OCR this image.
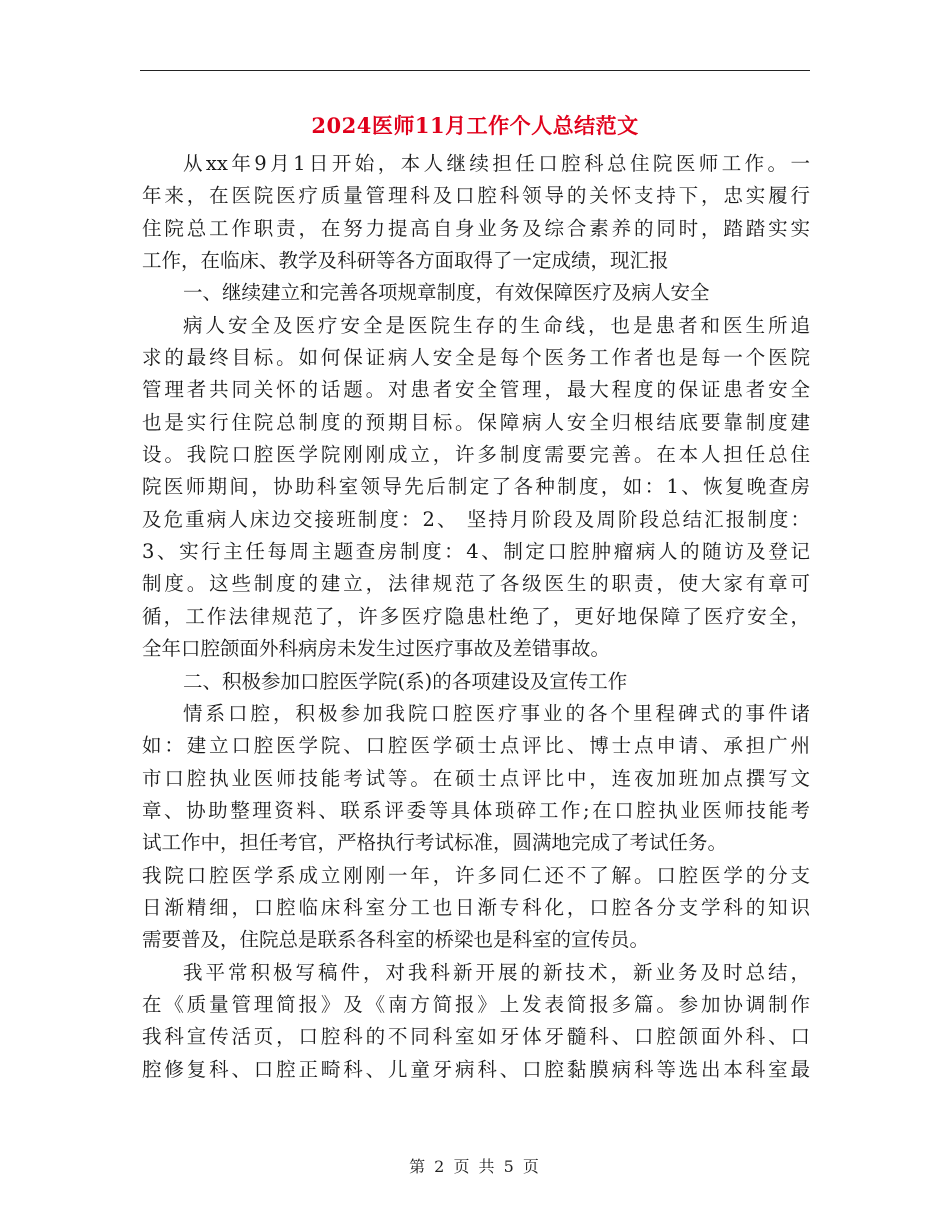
2024医师11月工作个人总结范文
从xx年9月1日开始，本人继续担任口腔科总住院医师工作。一
年来，在医院医疗质量管理科及口腔科领导的关怀支持下，忠实履行
住院总工作职责，在努力提高自身业务及综合素养的同时，踏踏实实
工作，在临床、教学及科研等各方面取得了一定成绩，现汇报
一、继续建立和完善各项规章制度，有效保障医疗及病人安全
病人安全及医疗安全是医院生存的生命线，也是患者和医生所追
求的最终目标。如何保证病人安全是每个医务工作者也是每一个医院
管理者共同关怀的话题。对患者安全管理，最大程度的保证患者安全
也是实行住院总制度的预期目标。保障病人安全归根结底要靠制度建
设。我院口腔医学院刚刚成立，许多制度需要完善。在本人担任总住
院医师期间，协助科室领导先后制定了各种制度，如：1、恢复晚查房
及危重病人床边交接班制度：2、 坚持月阶段及周阶段总结汇报制度：
3、实行主任每周主题查房制度：4、制定口腔肿瘤病人的随访及登记
制度。这些制度的建立，法律规范了各级医生的职责，使大家有章可
循，工作法律规范了，许多医疗隐患杜绝了，更好地保障了医疗安全，
全年口腔颌面外科病房未发生过医疗事故及差错事故。
二、积极参加口腔医学院(系)的各项建设及宣传工作
情系口腔，积极参加我院口腔医疗事业的各个里程碑式的事件诸
如：建立口腔医学院、口腔医学硕士点评比、博士点申请、承担广州
市口腔执业医师技能考试等。在硕士点评比中，连夜加班加点撰写文
章、协助整理资料、联系评委等具体琐碎工作;在口腔执业医师技能考
试工作中，担任考官，严格执行考试标准，圆满地完成了考试任务。
我院口腔医学系成立刚刚一年，许多同仁还不了解。口腔医学的分支
日渐精细，口腔临床科室分工也日渐专科化，口腔各分支学科的知识
需要普及，住院总是联系各科室的桥梁也是科室的宣传员。
我平常积极写稿件，对我科新开展的新技术，新业务及时总结，
在《质量管理简报》及《南方简报》上发表简报多篇。参加协调制作
我科宣传活页，口腔科的不同科室如牙体牙髓科、口腔颌面外科、口
腔修复科、口腔正畸科、儿童牙病科、口腔黏膜病科等选出本科室最
第 2 页 共 5 页
